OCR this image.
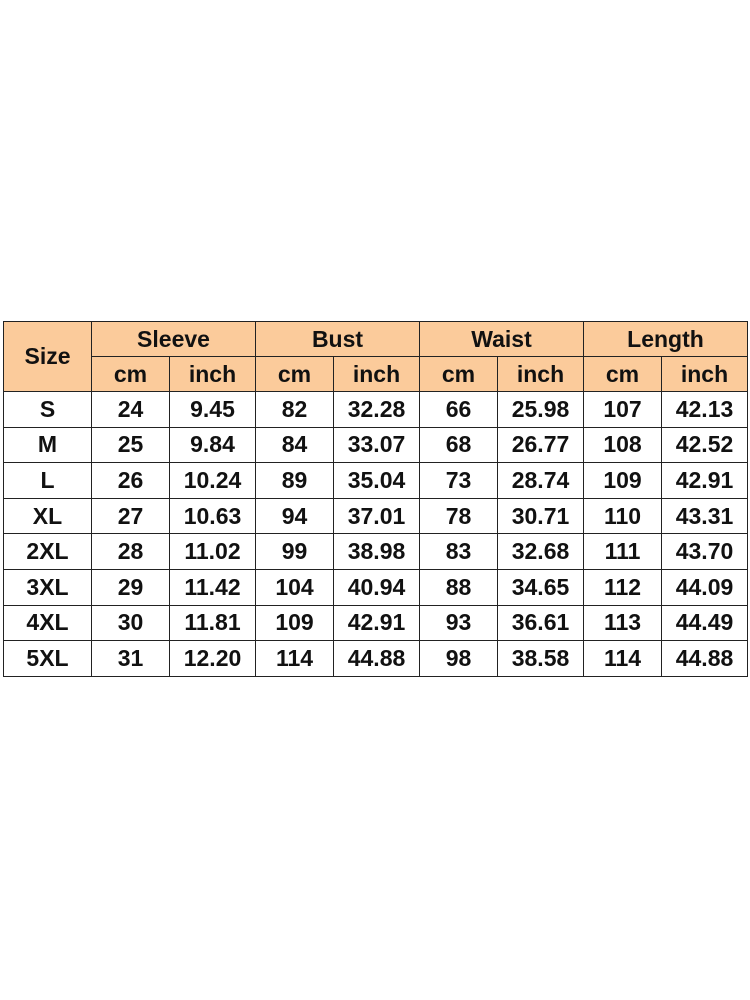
Size	Sleeve		Bust		Waist		Length	
	cm	inch	cm	inch	cm	inch	cm	inch
S	24	9.45	82	32.28	66	25.98	107	42.13
M	25	9.84	84	33.07	68	26.77	108	42.52
L	26	10.24	89	35.04	73	28.74	109	42.91
XL	27	10.63	94	37.01	78	30.71	110	43.31
2XL	28	11.02	99	38.98	83	32.68	111	43.70
3XL	29	11.42	104	40.94	88	34.65	112	44.09
4XL	30	11.81	109	42.91	93	36.61	113	44.49
5XL	31	12.20	114	44.88	98	38.58	114	44.88
